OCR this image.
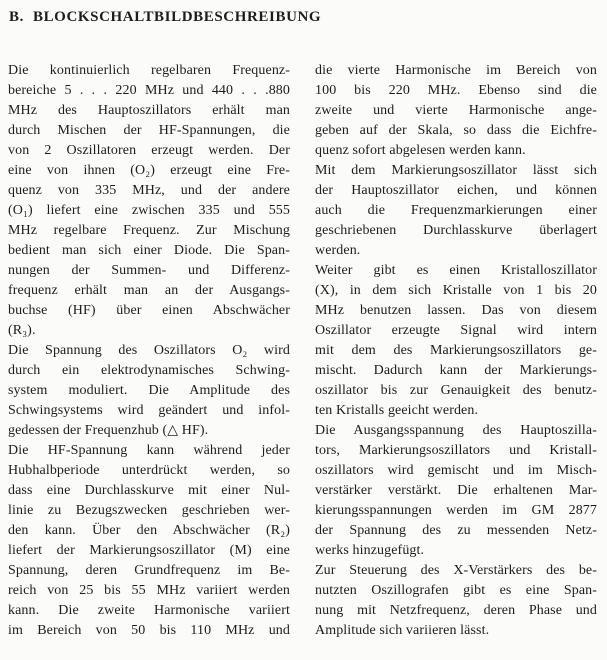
B. BLOCKSCHALTBILDBESCHREIBUNG
Die kontinuierlich regelbaren Frequenz-
bereiche 5 . . . 220 MHz und 440 . . .880
MHz des Hauptoszillators erhält man
durch Mischen der HF-Spannungen, die
von 2 Oszillatoren erzeugt werden. Der
eine von ihnen (O₂) erzeugt eine Fre-
quenz von 335 MHz, und der andere
(O₁) liefert eine zwischen 335 und 555
MHz regelbare Frequenz. Zur Mischung
bedient man sich einer Diode. Die Span-
nungen der Summen- und Differenz-
frequenz erhält man an der Ausgangs-
buchse (HF) über einen Abschwächer
(R₃).
Die Spannung des Oszillators O₂ wird
durch ein elektrodynamisches Schwing-
system moduliert. Die Amplitude des
Schwingsystems wird geändert und infol-
gedessen der Frequenzhub (△ HF).
Die HF-Spannung kann während jeder
Hubhalbperiode unterdrückt werden, so
dass eine Durchlasskurve mit einer Nul-
linie zu Bezugszwecken geschrieben wer-
den kann. Über den Abschwächer (R₂)
liefert der Markierungsoszillator (M) eine
Spannung, deren Grundfrequenz im Be-
reich von 25 bis 55 MHz variiert werden
kann. Die zweite Harmonische variiert
im Bereich von 50 bis 110 MHz und
die vierte Harmonische im Bereich von
100 bis 220 MHz. Ebenso sind die
zweite und vierte Harmonische ange-
geben auf der Skala, so dass die Eichfre-
quenz sofort abgelesen werden kann.
Mit dem Markierungsoszillator lässt sich
der Hauptoszillator eichen, und können
auch die Frequenzmarkierungen einer
geschriebenen Durchlasskurve überlagert
werden.
Weiter gibt es einen Kristalloszillator
(X), in dem sich Kristalle von 1 bis 20
MHz benutzen lassen. Das von diesem
Oszillator erzeugte Signal wird intern
mit dem des Markierungsoszillators ge-
mischt. Dadurch kann der Markierungs-
oszillator bis zur Genauigkeit des benutz-
ten Kristalls geeicht werden.
Die Ausgangsspannung des Hauptoszilla-
tors, Markierungsoszillators und Kristall-
oszillators wird gemischt und im Misch-
verstärker verstärkt. Die erhaltenen Mar-
kierungsspannungen werden im GM 2877
der Spannung des zu messenden Netz-
werks hinzugefügt.
Zur Steuerung des X-Verstärkers des be-
nutzten Oszillografen gibt es eine Span-
nung mit Netzfrequenz, deren Phase und
Amplitude sich variieren lässt.
